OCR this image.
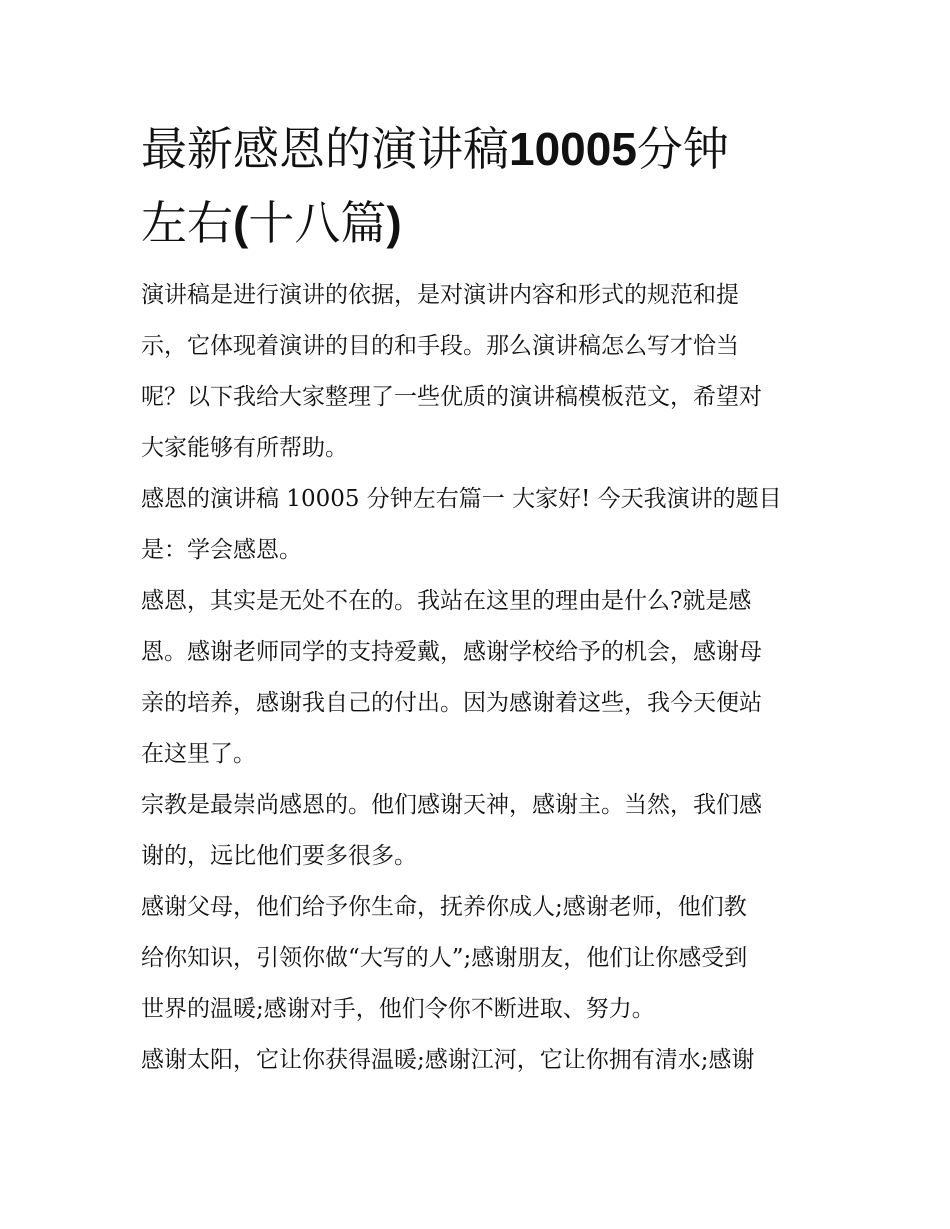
最新感恩的演讲稿10005分钟
左右(十八篇)

演讲稿是进行演讲的依据，是对演讲内容和形式的规范和提
示，它体现着演讲的目的和手段。那么演讲稿怎么写才恰当
呢？以下我给大家整理了一些优质的演讲稿模板范文，希望对
大家能够有所帮助。

感恩的演讲稿 10005 分钟左右篇一 大家好! 今天我演讲的题目
是：学会感恩。

感恩，其实是无处不在的。我站在这里的理由是什么?就是感
恩。感谢老师同学的支持爱戴，感谢学校给予的机会，感谢母
亲的培养，感谢我自己的付出。因为感谢着这些，我今天便站
在这里了。

宗教是最崇尚感恩的。他们感谢天神，感谢主。当然，我们感
谢的，远比他们要多很多。

感谢父母，他们给予你生命，抚养你成人;感谢老师，他们教
给你知识，引领你做“大写的人”;感谢朋友，他们让你感受到
世界的温暖;感谢对手，他们令你不断进取、努力。

感谢太阳，它让你获得温暖;感谢江河，它让你拥有清水;感谢
